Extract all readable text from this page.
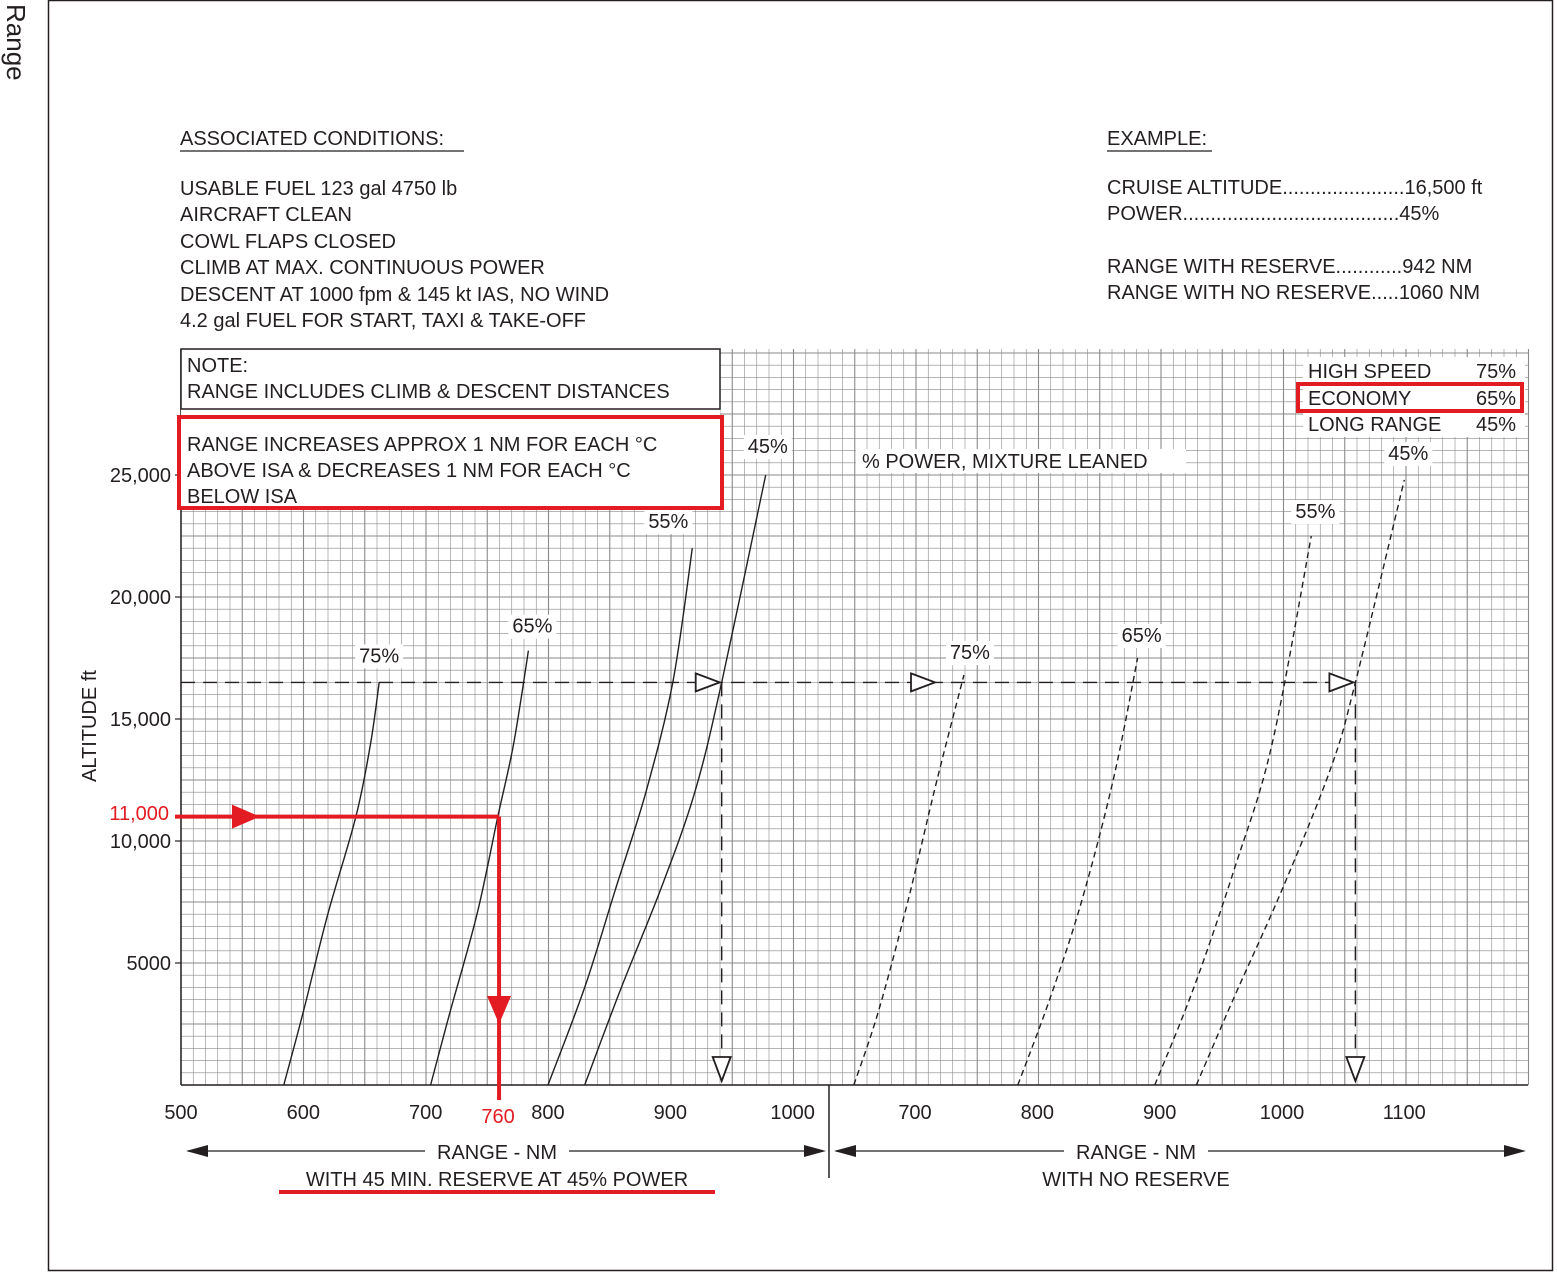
Range
5000
10,000
15,000
20,000
25,000
500	600	700	800	900	1000	700	800	900	1000	1100
ASSOCIATED CONDITIONS:
USABLE FUEL 123 gal 4750 lb
AIRCRAFT CLEAN
COWL FLAPS CLOSED
CLIMB AT MAX. CONTINUOUS POWER
DESCENT AT 1000 fpm & 145 kt IAS, NO WIND
4.2 gal FUEL FOR START, TAXI & TAKE-OFF
EXAMPLE:
CRUISE ALTITUDE......................16,500 ft
POWER.......................................45%
RANGE WITH RESERVE............942 NM
RANGE WITH NO RESERVE.....1060 NM
NOTE:
RANGE INCLUDES CLIMB & DESCENT DISTANCES
RANGE INCREASES APPROX 1 NM FOR EACH °C
ABOVE ISA & DECREASES 1 NM FOR EACH °C
BELOW ISA
HIGH SPEED 75%
ECONOMY	65%
LONG RANGE 45%
% POWER, MIXTURE LEANED
75%
65%
55%
45%
75%
65%
55%
45%
11,000
760
RANGE - NM
WITH 45 MIN. RESERVE AT 45% POWER
RANGE - NM
WITH NO RESERVE
ALTITUDE ft
